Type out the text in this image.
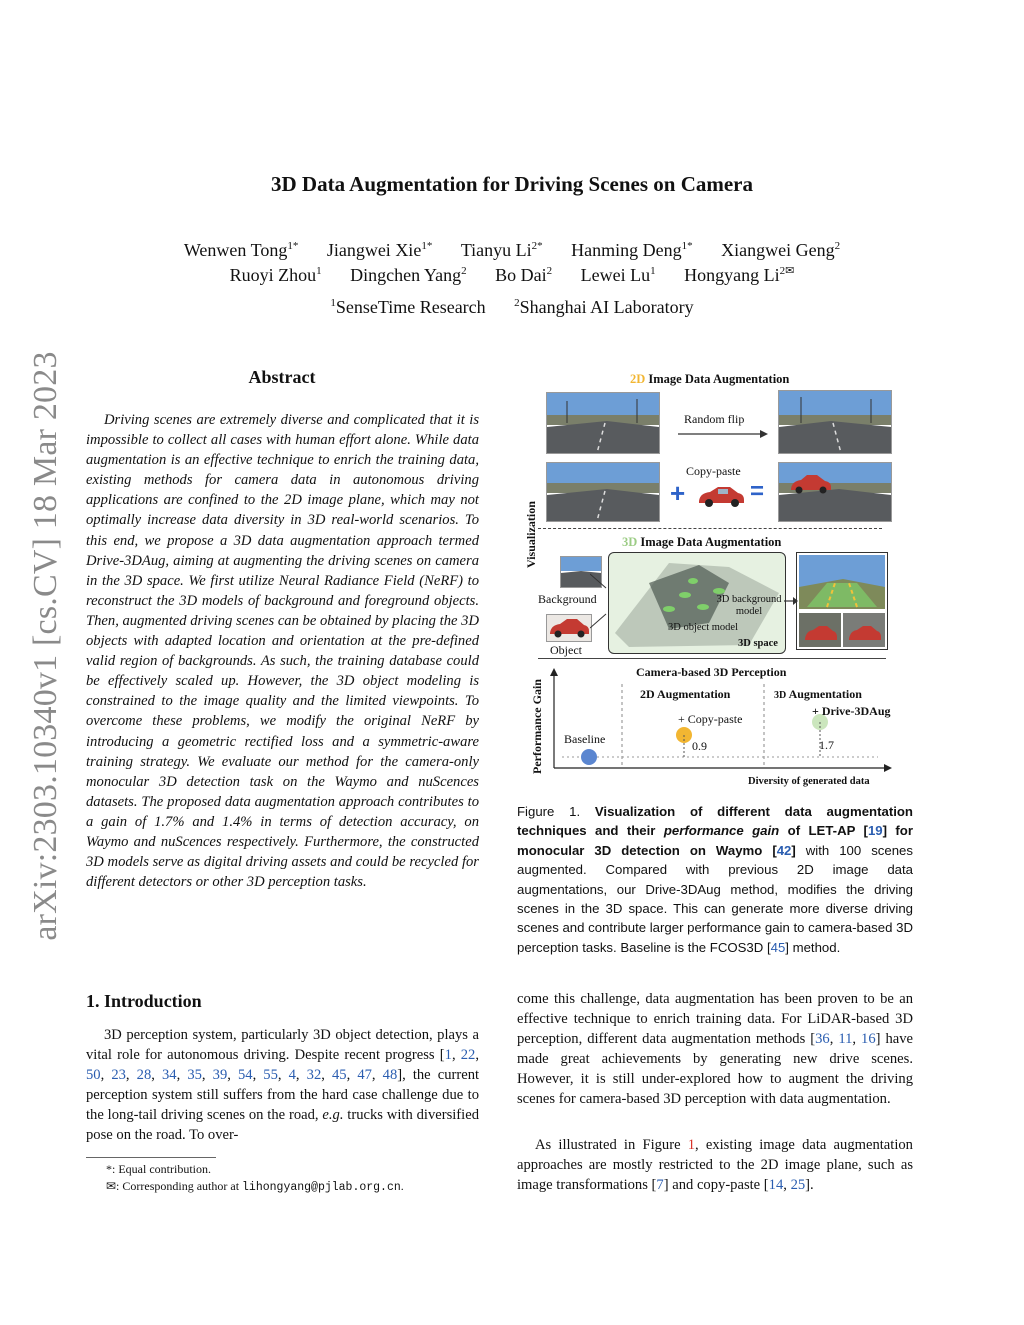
arXiv:2303.10340v1 [cs.CV] 18 Mar 2023
3D Data Augmentation for Driving Scenes on Camera
Wenwen Tong$^{1*}$ Jiangwei Xie$^{1*}$ Tianyu $Li^{2*}$ Hanming Deng$^{1*}$ Xiangwei Geng$^2$
Ruoyi Zhou$^1$ Dingchen Yang$^2$ Bo Dai$^2$ Lewei Lu$^1$ Hongyang $Li^{2✉}$
$^1$SenseTime Research	$^2$Shanghai AI Laboratory
Abstract
Driving scenes are extremely diverse and complicated that it is impossible to collect all cases with human effort alone. While data augmentation is an effective technique to enrich the training data, existing methods for camera data in autonomous driving applications are confined to the 2D image plane, which may not optimally increase data diversity in 3D real-world scenarios. To this end, we propose a 3D data augmentation approach termed Drive-3DAug, aiming at augmenting the driving scenes on camera in the 3D space. We first utilize Neural Radiance Field (NeRF) to reconstruct the 3D models of background and foreground objects. Then, augmented driving scenes can be obtained by placing the 3D objects with adapted location and orientation at the pre-defined valid region of backgrounds. As such, the training database could be effectively scaled up. However, the 3D object modeling is constrained to the image quality and the limited viewpoints. To overcome these problems, we modify the original NeRF by introducing a geometric rectified loss and a symmetric-aware training strategy. We evaluate our method for the camera-only monocular 3D detection task on the Waymo and nuScences datasets. The proposed data augmentation approach contributes to a gain of 1.7% and 1.4% in terms of detection accuracy, on Waymo and nuScences respectively. Furthermore, the constructed 3D models serve as digital driving assets and could be recycled for different detectors or other 3D perception tasks.
1. Introduction
3D perception system, particularly 3D object detection, plays a vital role for autonomous driving. Despite recent progress [1, 22, 50, 23, 28, 34, 35, 39, 54, 55, 4, 32, 45, 47, 48], the current perception system still suffers from the hard case challenge due to the long-tail driving scenes on the road, e.g. trucks with diversified pose on the road. To over-
*: Equal contribution.
✉: Corresponding author at lihongyang@pjlab.org.cn.
come this challenge, data augmentation has been proven to be an effective technique to enrich training data. For LiDAR-based 3D perception, different data augmentation methods [36, 11, 16] have made great achievements by generating new drive scenes. However, it is still under-explored how to augment the driving scenes for camera-based 3D perception with data augmentation.
As illustrated in Figure 1, existing image data augmentation approaches are mostly restricted to the 2D image plane, such as image transformations [7] and copy-paste [14, 25].
2D Image Data Augmentation
Random flip
Copy-paste
+	=
Visualization	3D Image Data Augmentation
Background
Object
3D background model
3D object model
3D space
Camera-based 3D Perception
Performance Gain	2D Augmentation	3D Augmentation
+ Copy-paste
+ Drive-3DAug
Baseline	0.9	1.7
Diversity of generated data
Figure 1. Visualization of different data augmentation techniques and their performance gain of LET-AP [19] for monocular 3D detection on Waymo [42] with 100 scenes augmented. Compared with previous 2D image data augmentations, our Drive-3DAug method, modifies the driving scenes in the 3D space. This can generate more diverse driving scenes and contribute larger performance gain to camera-based 3D perception tasks. Baseline is the FCOS3D [45] method.
